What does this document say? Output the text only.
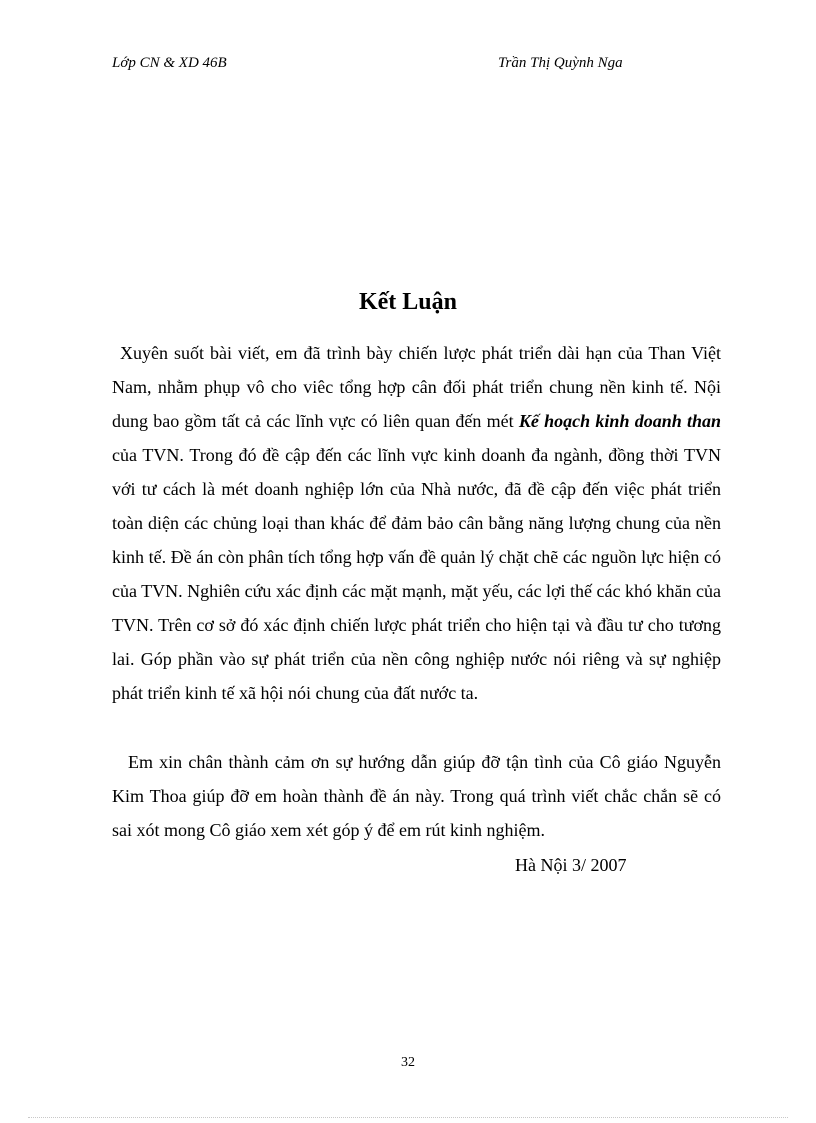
Lớp CN & XD 46B	Trần Thị Quỳnh Nga
Kết Luận

Xuyên suốt bài viết, em đã trình bày chiến lược phát triển dài hạn của Than Việt Nam, nhằm phụp vô cho viêc tổng hợp cân đối phát triển chung nền kinh tế. Nội dung bao gồm tất cả các lĩnh vực có liên quan đến mét Kế hoạch kinh doanh than của TVN. Trong đó đề cập đến các lĩnh vực kinh doanh đa ngành, đồng thời TVN với tư cách là mét doanh nghiệp lớn của Nhà nước, đã đề cập đến việc phát triển toàn diện các chủng loại than khác để đảm bảo cân bằng năng lượng chung của nền kinh tế. Đề án còn phân tích tổng hợp vấn đề quản lý chặt chẽ các nguồn lực hiện có của TVN. Nghiên cứu xác định các mặt mạnh, mặt yếu, các lợi thế các khó khăn của TVN. Trên cơ sở đó xác định chiến lược phát triển cho hiện tại và đầu tư cho tương lai. Góp phần vào sự phát triển của nền công nghiệp nước nói riêng và sự nghiệp phát triển kinh tế xã hội nói chung của đất nước ta.

Em xin chân thành cảm ơn sự hướng dẫn giúp đỡ tận tình của Cô giáo Nguyễn Kim Thoa giúp đỡ em hoàn thành đề án này. Trong quá trình viết chắc chắn sẽ có sai xót mong Cô giáo xem xét góp ý để em rút kinh nghiệm.

Hà Nội 3/ 2007
32
